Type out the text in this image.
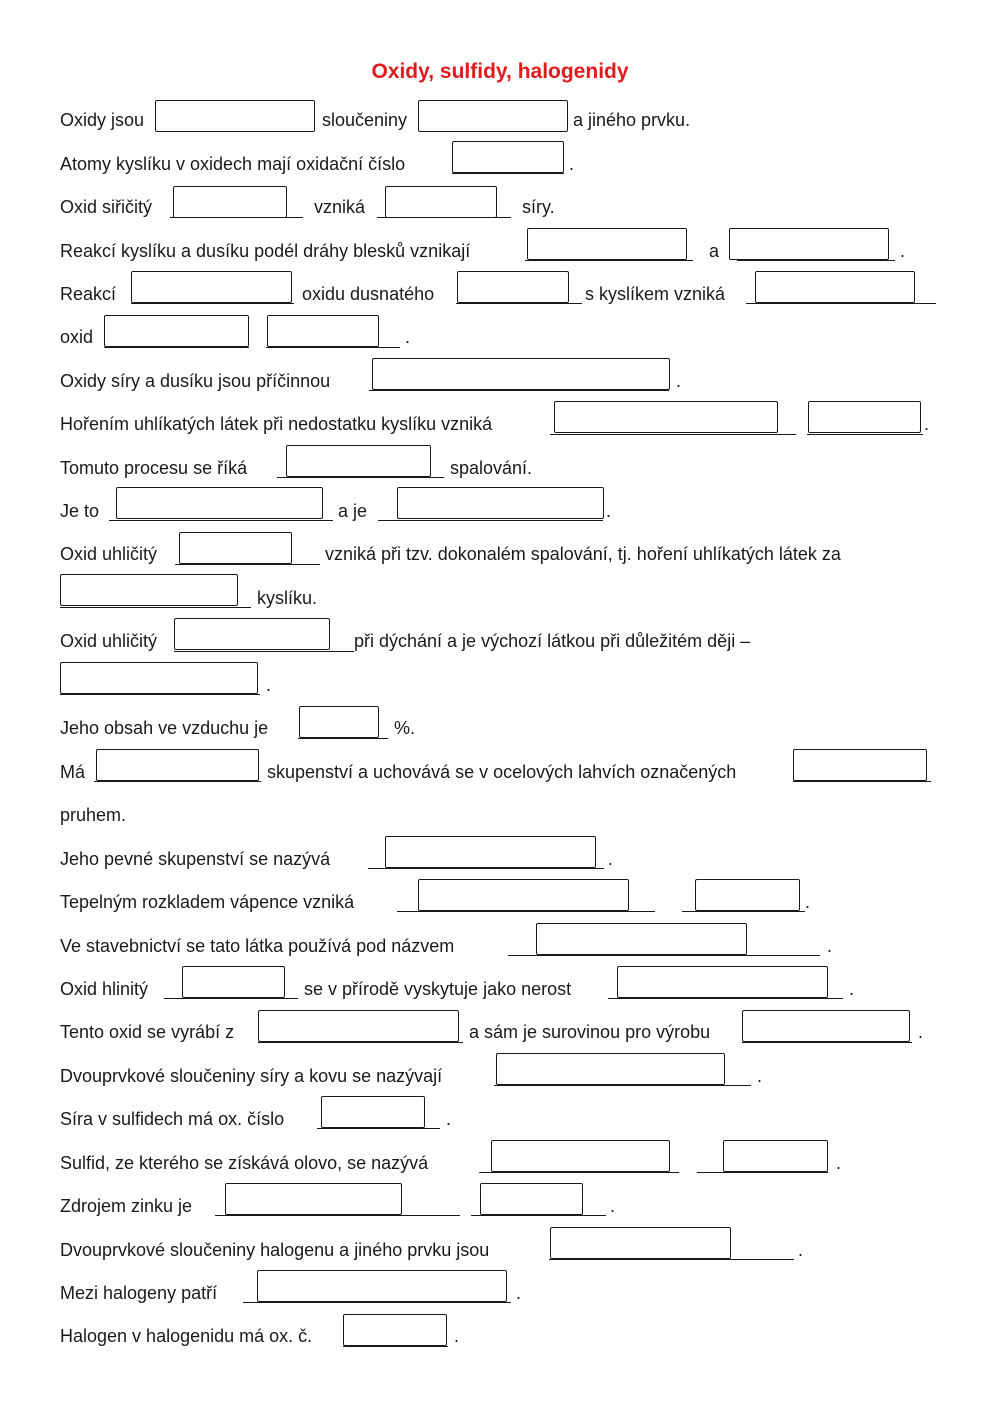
Oxidy, sulfidy, halogenidy
Oxidy jsou	sloučeniny	a jiného prvku.
Atomy kyslíku v oxidech mají oxidační číslo	.
Oxid siřičitý	vzniká	síry.
Reakcí kyslíku a dusíku podél dráhy blesků vznikají	a	.
Reakcí	oxidu dusnatého	s kyslíkem vzniká
oxid	.
Oxidy síry a dusíku jsou příčinnou	.
Hořením uhlíkatých látek při nedostatku kyslíku vzniká	.
Tomuto procesu se říká	spalování.
Je to	a je	.
Oxid uhličitý	vzniká při tzv. dokonalém spalování, tj. hoření uhlíkatých látek za
kyslíku.
Oxid uhličitý	při dýchání a je výchozí látkou při důležitém ději –
.
Jeho obsah ve vzduchu je	%.
Má	skupenství a uchovává se v ocelových lahvích označených
pruhem.
Jeho pevné skupenství se nazývá	.
Tepelným rozkladem vápence vzniká	.
Ve stavebnictví se tato látka používá pod názvem	.
Oxid hlinitý	se v přírodě vyskytuje jako nerost	.
Tento oxid se vyrábí z	a sám je surovinou pro výrobu	.
Dvouprvkové sloučeniny síry a kovu se nazývají	.
Síra v sulfidech má ox. číslo	.
Sulfid, ze kterého se získává olovo, se nazývá	.
Zdrojem zinku je	.
Dvouprvkové sloučeniny halogenu a jiného prvku jsou	.
Mezi halogeny patří	.
Halogen v halogenidu má ox. č.	.
